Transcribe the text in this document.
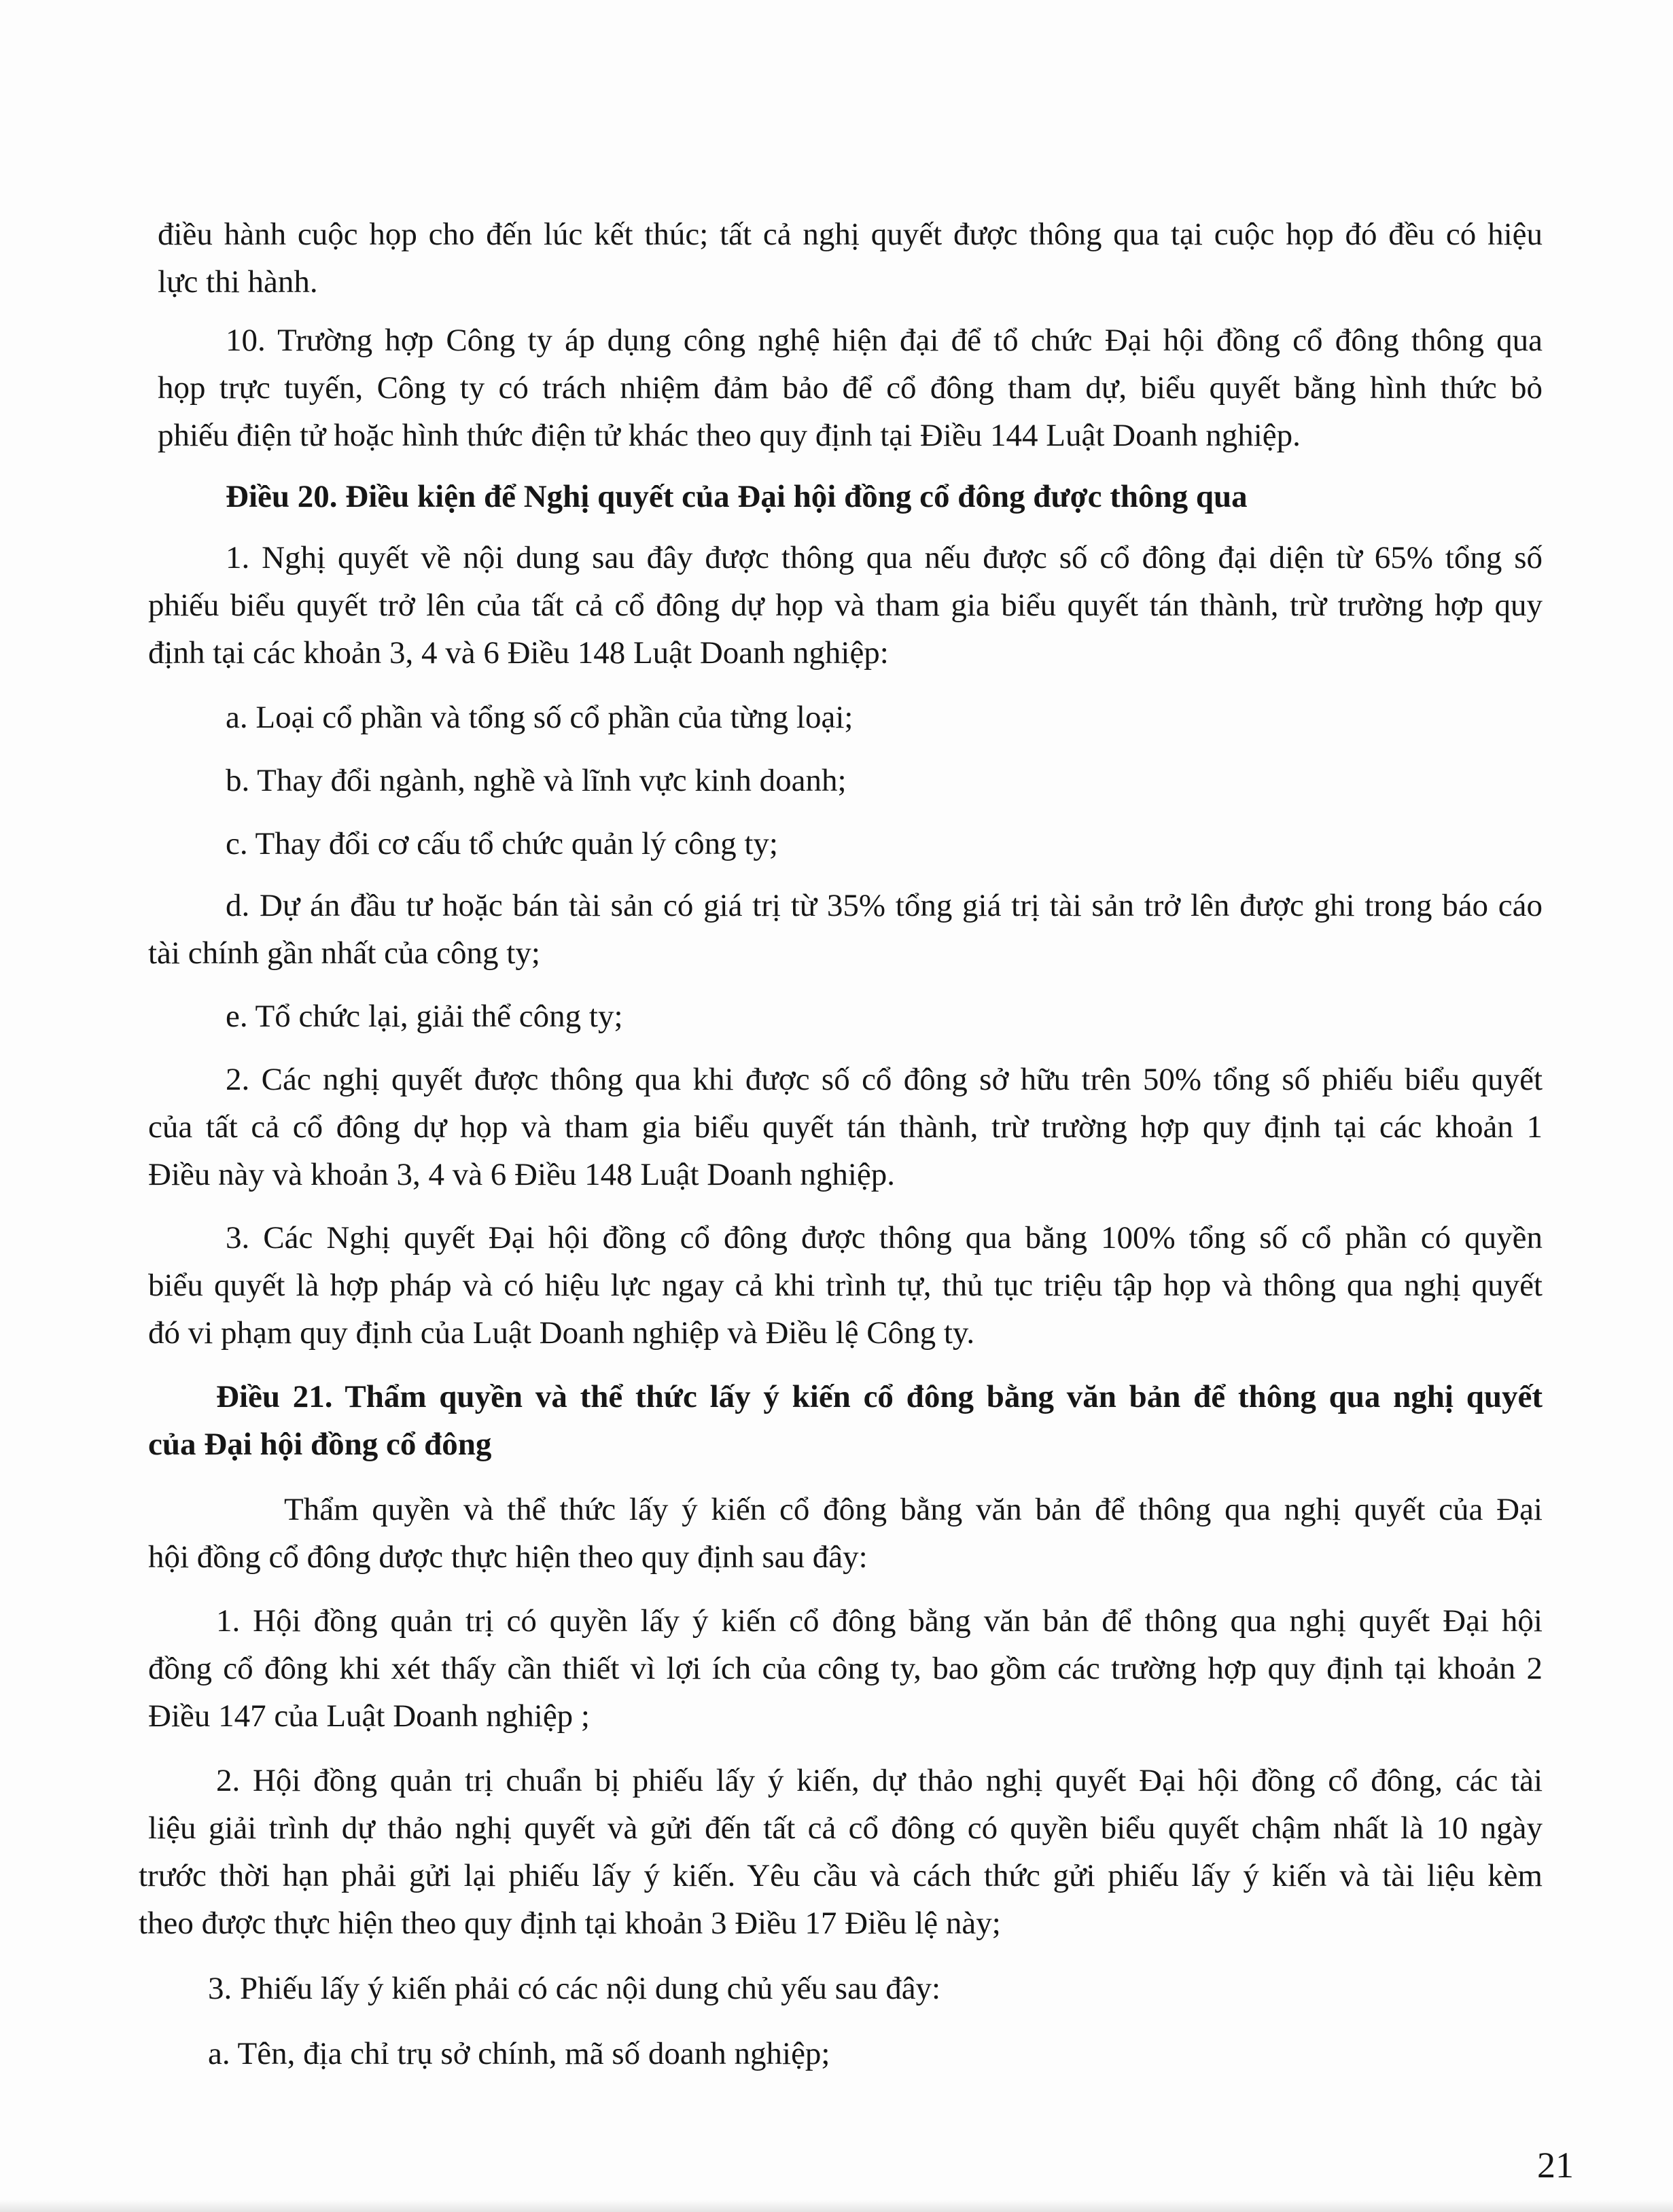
điều hành cuộc họp cho đến lúc kết thúc; tất cả nghị quyết được thông qua tại cuộc họp đó đều có hiệu

lực thi hành.

10. Trường hợp Công ty áp dụng công nghệ hiện đại để tổ chức Đại hội đồng cổ đông thông qua

họp trực tuyến, Công ty có trách nhiệm đảm bảo để cổ đông tham dự, biểu quyết bằng hình thức bỏ

phiếu điện tử hoặc hình thức điện tử khác theo quy định tại Điều 144 Luật Doanh nghiệp.

Điều 20. Điều kiện để Nghị quyết của Đại hội đồng cổ đông được thông qua

1. Nghị quyết về nội dung sau đây được thông qua nếu được số cổ đông đại diện từ 65% tổng số

phiếu biểu quyết trở lên của tất cả cổ đông dự họp và tham gia biểu quyết tán thành, trừ trường hợp quy

định tại các khoản 3, 4 và 6 Điều 148 Luật Doanh nghiệp:

a. Loại cổ phần và tổng số cổ phần của từng loại;

b. Thay đổi ngành, nghề và lĩnh vực kinh doanh;

c. Thay đổi cơ cấu tổ chức quản lý công ty;

d. Dự án đầu tư hoặc bán tài sản có giá trị từ 35% tổng giá trị tài sản trở lên được ghi trong báo cáo

tài chính gần nhất của công ty;

e. Tổ chức lại, giải thể công ty;

2. Các nghị quyết được thông qua khi được số cổ đông sở hữu trên 50% tổng số phiếu biểu quyết

của tất cả cổ đông dự họp và tham gia biểu quyết tán thành, trừ trường hợp quy định tại các khoản 1

Điều này và khoản 3, 4 và 6 Điều 148 Luật Doanh nghiệp.

3. Các Nghị quyết Đại hội đồng cổ đông được thông qua bằng 100% tổng số cổ phần có quyền

biểu quyết là hợp pháp và có hiệu lực ngay cả khi trình tự, thủ tục triệu tập họp và thông qua nghị quyết

đó vi phạm quy định của Luật Doanh nghiệp và Điều lệ Công ty.

Điều 21. Thẩm quyền và thể thức lấy ý kiến cổ đông bằng văn bản để thông qua nghị quyết

của Đại hội đồng cổ đông

Thẩm quyền và thể thức lấy ý kiến cổ đông bằng văn bản để thông qua nghị quyết của Đại

hội đồng cổ đông dược thực hiện theo quy định sau đây:

1. Hội đồng quản trị có quyền lấy ý kiến cổ đông bằng văn bản để thông qua nghị quyết Đại hội

đồng cổ đông khi xét thấy cần thiết vì lợi ích của công ty, bao gồm các trường hợp quy định tại khoản 2

Điều 147 của Luật Doanh nghiệp ;

2. Hội đồng quản trị chuẩn bị phiếu lấy ý kiến, dự thảo nghị quyết Đại hội đồng cổ đông, các tài

liệu giải trình dự thảo nghị quyết và gửi đến tất cả cổ đông có quyền biểu quyết chậm nhất là 10 ngày

trước thời hạn phải gửi lại phiếu lấy ý kiến. Yêu cầu và cách thức gửi phiếu lấy ý kiến và tài liệu kèm

theo được thực hiện theo quy định tại khoản 3 Điều 17 Điều lệ này;

3. Phiếu lấy ý kiến phải có các nội dung chủ yếu sau đây:

a. Tên, địa chỉ trụ sở chính, mã số doanh nghiệp;

21
